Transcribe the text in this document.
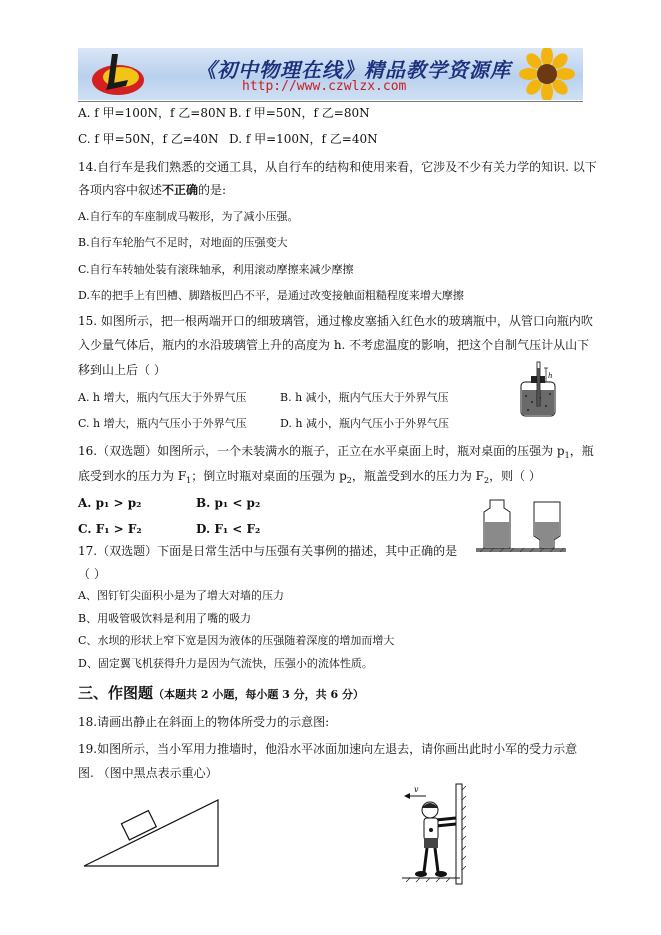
《初中物理在线》精品教学资源库
http://www.czwlzx.com
A. f 甲=100N，f 乙=80N B. f 甲=50N，f 乙=80N
C. f 甲=50N，f 乙=40N D. f 甲=100N，f 乙=40N
14.自行车是我们熟悉的交通工具，从自行车的结构和使用来看，它涉及不少有关力学的知识. 以下
各项内容中叙述不正确的是:
A.自行车的车座制成马鞍形，为了减小压强。
B.自行车轮胎气不足时，对地面的压强变大
C.自行车转轴处装有滚珠轴承，利用滚动摩擦来减少摩擦
D.车的把手上有凹槽、脚踏板凹凸不平，是通过改变接触面粗糙程度来增大摩擦
15. 如图所示，把一根两端开口的细玻璃管，通过橡皮塞插入红色水的玻璃瓶中，从管口向瓶内吹
入少量气体后，瓶内的水沿玻璃管上升的高度为 h. 不考虑温度的影响，把这个自制气压计从山下
移到山上后（ ）
A. h 增大，瓶内气压大于外界气压	B. h 减小，瓶内气压大于外界气压
C. h 增大，瓶内气压小于外界气压	D. h 减小，瓶内气压小于外界气压
h
16.（双选题）如图所示，一个未装满水的瓶子，正立在水平桌面上时，瓶对桌面的压强为 $p_1$，瓶
底受到水的压力为 $F_1$；倒立时瓶对桌面的压强为 $p_2$，瓶盖受到水的压力为 $F_2$，则（ ）
A. p₁ > p₂	B. p₁ < p₂
C. F₁ > F₂	D. F₁ < F₂
17.（双选题）下面是日常生活中与压强有关事例的描述，其中正确的是
（ ）
A、图钉钉尖面积小是为了增大对墙的压力
B、用吸管吸饮料是利用了嘴的吸力
C、水坝的形状上窄下宽是因为液体的压强随着深度的增加而增大
D、固定翼飞机获得升力是因为气流快，压强小的流体性质。
三、作图题（本题共 2 小题，每小题 3 分，共 6 分）
18.请画出静止在斜面上的物体所受力的示意图:
19.如图所示，当小军用力推墙时，他沿水平冰面加速向左退去，请你画出此时小军的受力示意
图. （图中黑点表示重心）
v
